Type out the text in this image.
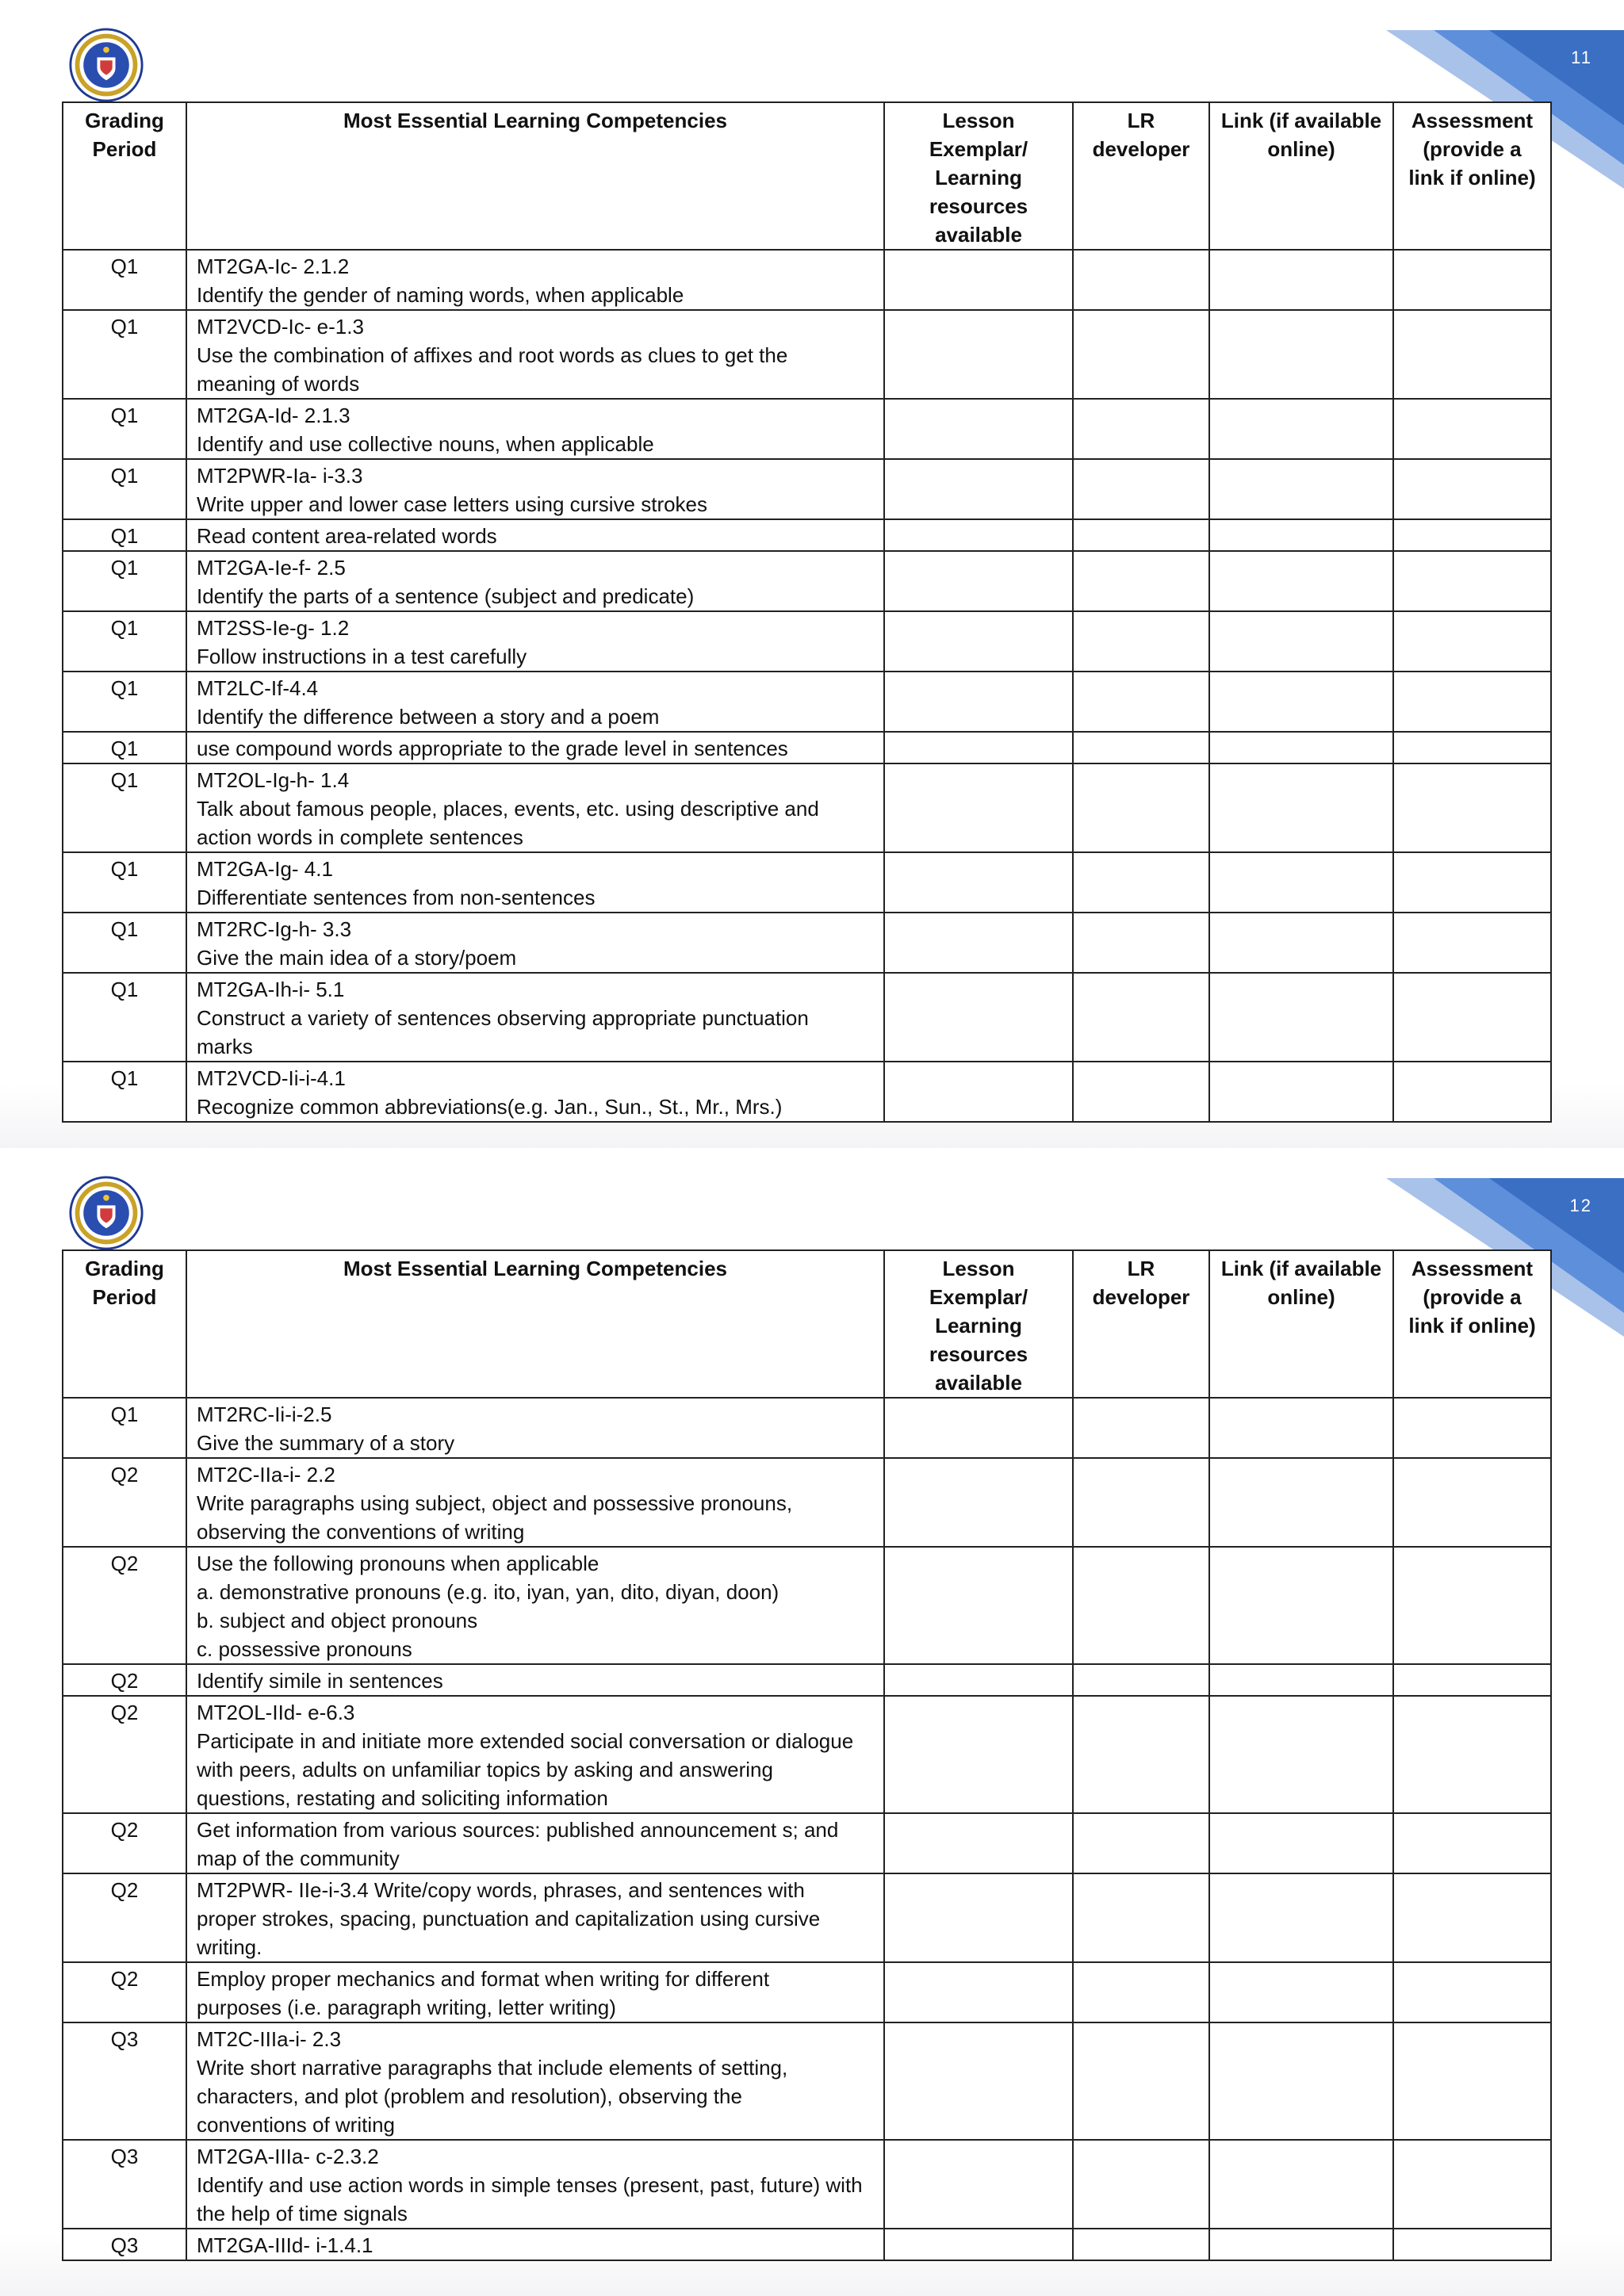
11
Grading Period	Most Essential Learning Competencies	Lesson Exemplar/ Learning resources available	LR developer	Link (if available online)	Assessment (provide a link if online)
Q1	MT2GA-Ic- 2.1.2
Identify the gender of naming words, when applicable				

Q1	MT2VCD-Ic- e-1.3
Use the combination of affixes and root words as clues to get the
meaning of words				

Q1	MT2GA-Id- 2.1.3
Identify and use collective nouns, when applicable				

Q1	MT2PWR-Ia- i-3.3
Write upper and lower case letters using cursive strokes				

Q1	Read content area-related words				

Q1	MT2GA-Ie-f- 2.5
Identify the parts of a sentence (subject and predicate)				

Q1	MT2SS-Ie-g- 1.2
Follow instructions in a test carefully				

Q1	MT2LC-If-4.4
Identify the difference between a story and a poem				

Q1	use compound words appropriate to the grade level in sentences				

Q1	MT2OL-Ig-h- 1.4
Talk about famous people, places, events, etc. using descriptive and
action words in complete sentences				

Q1	MT2GA-Ig- 4.1
Differentiate sentences from non-sentences				

Q1	MT2RC-Ig-h- 3.3
Give the main idea of a story/poem				

Q1	MT2GA-Ih-i- 5.1
Construct a variety of sentences observing appropriate punctuation
marks				

Q1	MT2VCD-Ii-i-4.1
Recognize common abbreviations(e.g. Jan., Sun., St., Mr., Mrs.)				

12
Grading Period	Most Essential Learning Competencies	Lesson Exemplar/ Learning resources available	LR developer	Link (if available online)	Assessment (provide a link if online)
Q1	MT2RC-Ii-i-2.5
Give the summary of a story				

Q2	MT2C-IIa-i- 2.2
Write paragraphs using subject, object and possessive pronouns,
observing the conventions of writing				

Q2	Use the following pronouns when applicable
a. demonstrative pronouns (e.g. ito, iyan, yan, dito, diyan, doon)
b. subject and object pronouns
c. possessive pronouns				

Q2	Identify simile in sentences				

Q2	MT2OL-IId- e-6.3
Participate in and initiate more extended social conversation or dialogue
with peers, adults on unfamiliar topics by asking and answering
questions, restating and soliciting information				

Q2	Get information from various sources: published announcement s; and
map of the community				

Q2	MT2PWR- IIe-i-3.4 Write/copy words, phrases, and sentences with
proper strokes, spacing, punctuation and capitalization using cursive
writing.				

Q2	Employ proper mechanics and format when writing for different
purposes (i.e. paragraph writing, letter writing)				

Q3	MT2C-IIIa-i- 2.3
Write short narrative paragraphs that include elements of setting,
characters, and plot (problem and resolution), observing the
conventions of writing				

Q3	MT2GA-IIIa- c-2.3.2
Identify and use action words in simple tenses (present, past, future) with
the help of time signals				

Q3	MT2GA-IIId- i-1.4.1				
